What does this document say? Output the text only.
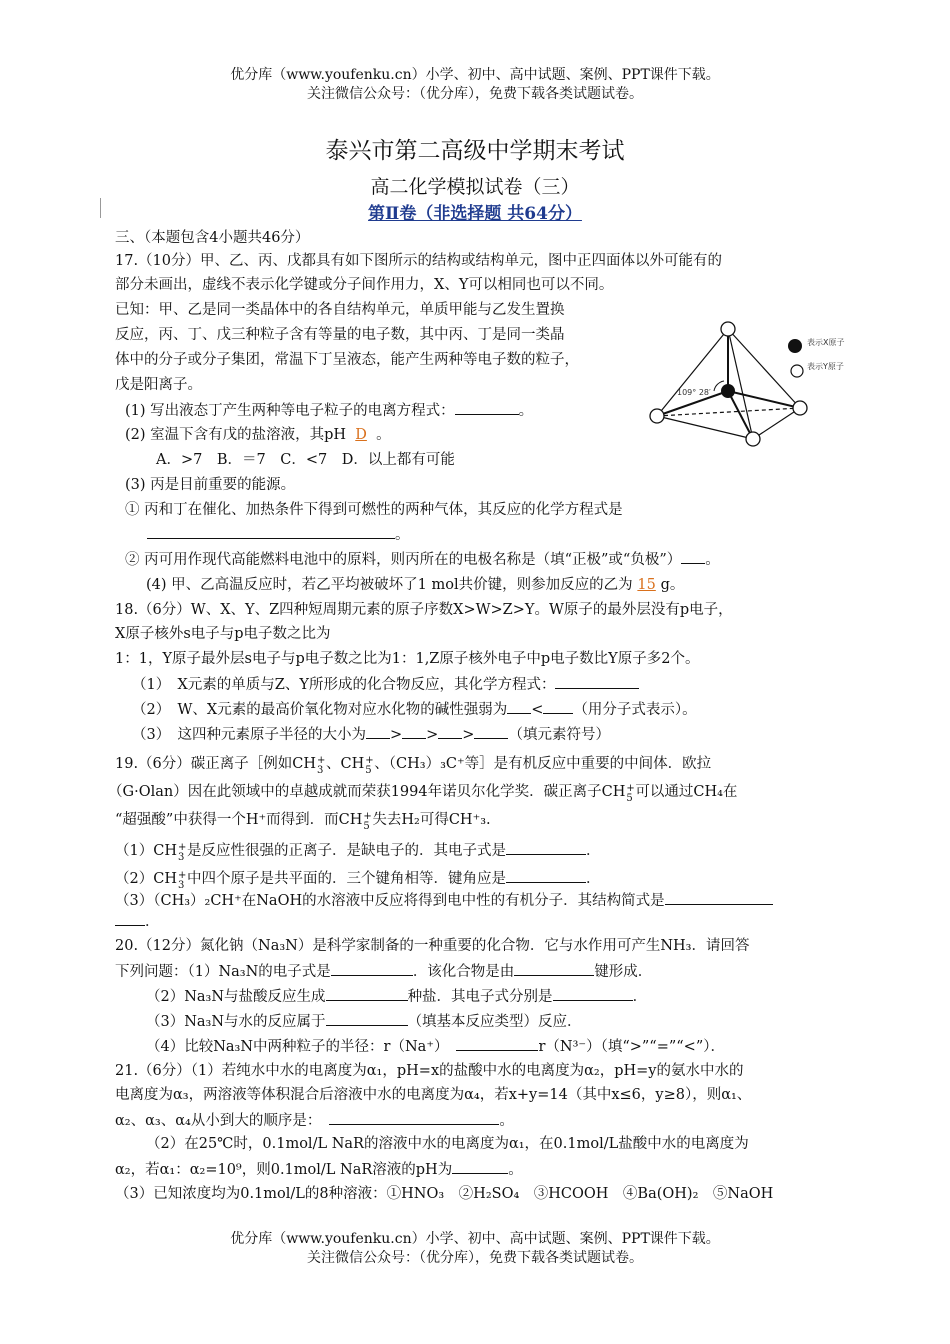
优分库（www.youfenku.cn）小学、初中、高中试题、案例、PPT课件下载。
关注微信公众号：（优分库），免费下载各类试题试卷。
泰兴市第二高级中学期末考试
高二化学模拟试卷（三）
第Ⅱ卷（非选择题 共64分）
三、（本题包含4小题共46分）
17.（10分）甲、乙、丙、戊都具有如下图所示的结构或结构单元，图中正四面体以外可能有的
部分未画出，虚线不表示化学键或分子间作用力，X、Y可以相同也可以不同。
已知：甲、乙是同一类晶体中的各自结构单元，单质甲能与乙发生置换
反应，丙、丁、戊三种粒子含有等量的电子数，其中丙、丁是同一类晶
体中的分子或分子集团，常温下丁呈液态，能产生两种等电子数的粒子，
戊是阳离子。	109° 28′
表示X原子
表示Y原子
(1) 写出液态丁产生两种等电子粒子的电离方程式：	。
(2) 室温下含有戊的盐溶液，其pH D 。
A．>7　B．＝7　C．<7　D．以上都有可能
(3) 丙是目前重要的能源。
① 丙和丁在催化、加热条件下得到可燃性的两种气体，其反应的化学方程式是
。
② 丙可用作现代高能燃料电池中的原料，则丙所在的电极名称是（填“正极”或“负极”） 。
(4) 甲、乙高温反应时，若乙平均被破坏了1 mol共价键，则参加反应的乙为 15 g。
18.（6分）W、X、Y、Z四种短周期元素的原子序数X>W>Z>Y。W原子的最外层没有p电子，
X原子核外s电子与p电子数之比为
1：1，Y原子最外层s电子与p电子数之比为1：1,Z原子核外电子中p电子数比Y原子多2个。
（1）　X元素的单质与Z、Y所形成的化合物反应，其化学方程式：
（2）　W、X元素的最高价氧化物对应水化物的碱性强弱为 < （用分子式表示）。
（3）　这四种元素原子半径的大小为 > > > （填元素符号）
19.（6分）碳正离子［例如CH +
3 、CH +
5 、（CH₃）₃C⁺等］是有机反应中重要的中间体．欧拉
（G·Olan）因在此领域中的卓越成就而荣获1994年诺贝尔化学奖．碳正离子CH +
5 可以通过CH₄在
“超强酸”中获得一个H⁺而得到．而CH +
5 失去H₂可得CH⁺₃.
（1）CH +
3 是反应性很强的正离子．是缺电子的．其电子式是	．
（2）CH +
3 中四个原子是共平面的．三个键角相等．键角应是	．
（3）（CH₃）₂CH⁺在NaOH的水溶液中反应将得到电中性的有机分子．其结构简式是
．
20.（12分）氮化钠（Na₃N）是科学家制备的一种重要的化合物．它与水作用可产生NH₃．请回答
下列问题：（1）Na₃N的电子式是	．该化合物是由	键形成．
（2）Na₃N与盐酸反应生成	种盐．其电子式分别是	．
（3）Na₃N与水的反应属于	（填基本反应类型）反应．
（4）比较Na₃N中两种粒子的半径：r（Na⁺）	r（N³⁻）（填“>”“=”“<”）．
21.（6分）（1）若纯水中水的电离度为α₁，pH=x的盐酸中水的电离度为α₂，pH=y的氨水中水的
电离度为α₃，两溶液等体积混合后溶液中水的电离度为α₄，若x+y=14（其中x≤6，y≥8），则α₁、
α₂、α₃、α₄从小到大的顺序是：	。
（2）在25℃时，0.1mol/L NaR的溶液中水的电离度为α₁，在0.1mol/L盐酸中水的电离度为
α₂，若α₁：α₂=10⁹，则0.1mol/L NaR溶液的pH为	。
（3）已知浓度均为0.1mol/L的8种溶液：①HNO₃　②H₂SO₄　③HCOOH　④Ba(OH)₂　⑤NaOH
优分库（www.youfenku.cn）小学、初中、高中试题、案例、PPT课件下载。
关注微信公众号：（优分库），免费下载各类试题试卷。
